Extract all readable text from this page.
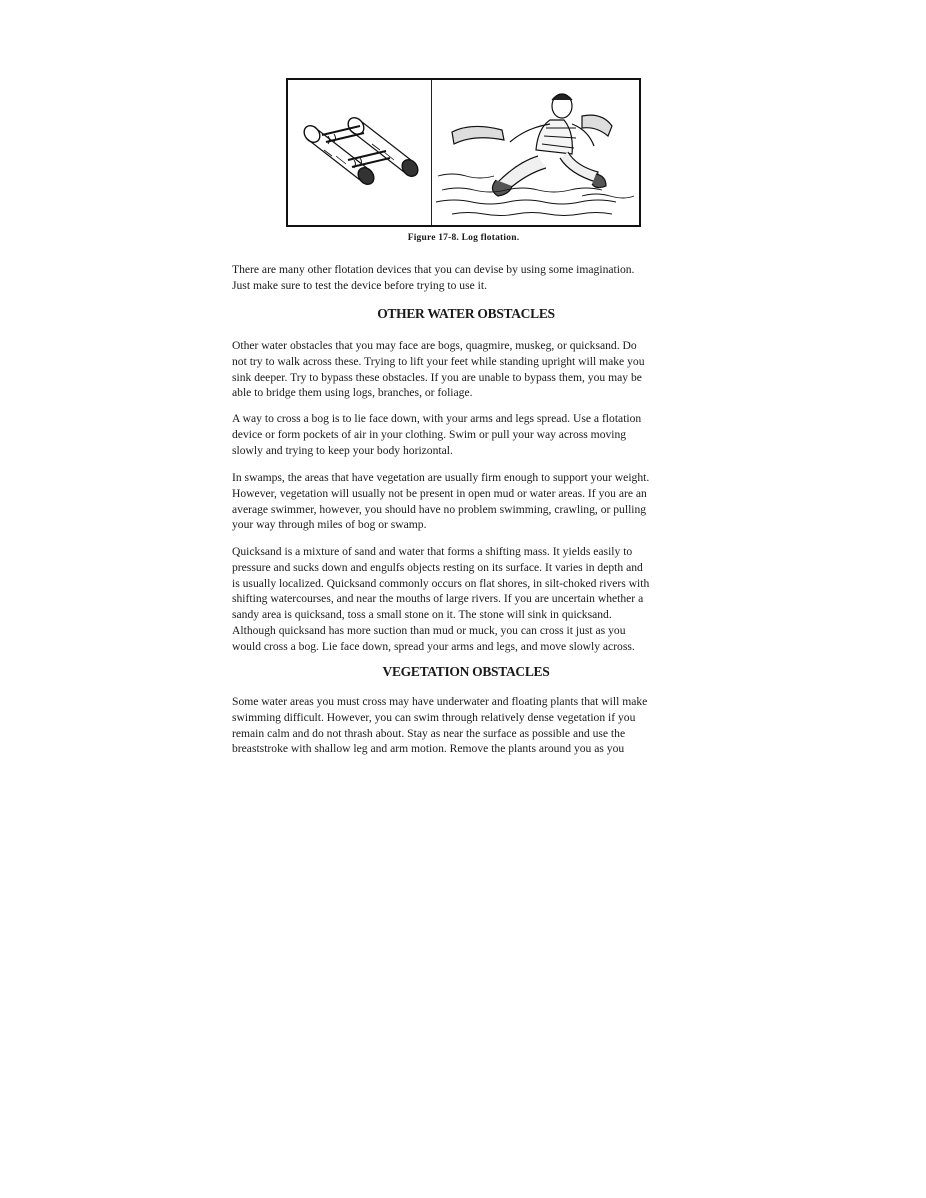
Figure 17-8. Log flotation.

There are many other flotation devices that you can devise by using some imagination.
Just make sure to test the device before trying to use it.

OTHER WATER OBSTACLES

Other water obstacles that you may face are bogs, quagmire, muskeg, or quicksand. Do
not try to walk across these. Trying to lift your feet while standing upright will make you
sink deeper. Try to bypass these obstacles. If you are unable to bypass them, you may be
able to bridge them using logs, branches, or foliage.

A way to cross a bog is to lie face down, with your arms and legs spread. Use a flotation
device or form pockets of air in your clothing. Swim or pull your way across moving
slowly and trying to keep your body horizontal.

In swamps, the areas that have vegetation are usually firm enough to support your weight.
However, vegetation will usually not be present in open mud or water areas. If you are an
average swimmer, however, you should have no problem swimming, crawling, or pulling
your way through miles of bog or swamp.

Quicksand is a mixture of sand and water that forms a shifting mass. It yields easily to
pressure and sucks down and engulfs objects resting on its surface. It varies in depth and
is usually localized. Quicksand commonly occurs on flat shores, in silt-choked rivers with
shifting watercourses, and near the mouths of large rivers. If you are uncertain whether a
sandy area is quicksand, toss a small stone on it. The stone will sink in quicksand.
Although quicksand has more suction than mud or muck, you can cross it just as you
would cross a bog. Lie face down, spread your arms and legs, and move slowly across.

VEGETATION OBSTACLES

Some water areas you must cross may have underwater and floating plants that will make
swimming difficult. However, you can swim through relatively dense vegetation if you
remain calm and do not thrash about. Stay as near the surface as possible and use the
breaststroke with shallow leg and arm motion. Remove the plants around you as you
